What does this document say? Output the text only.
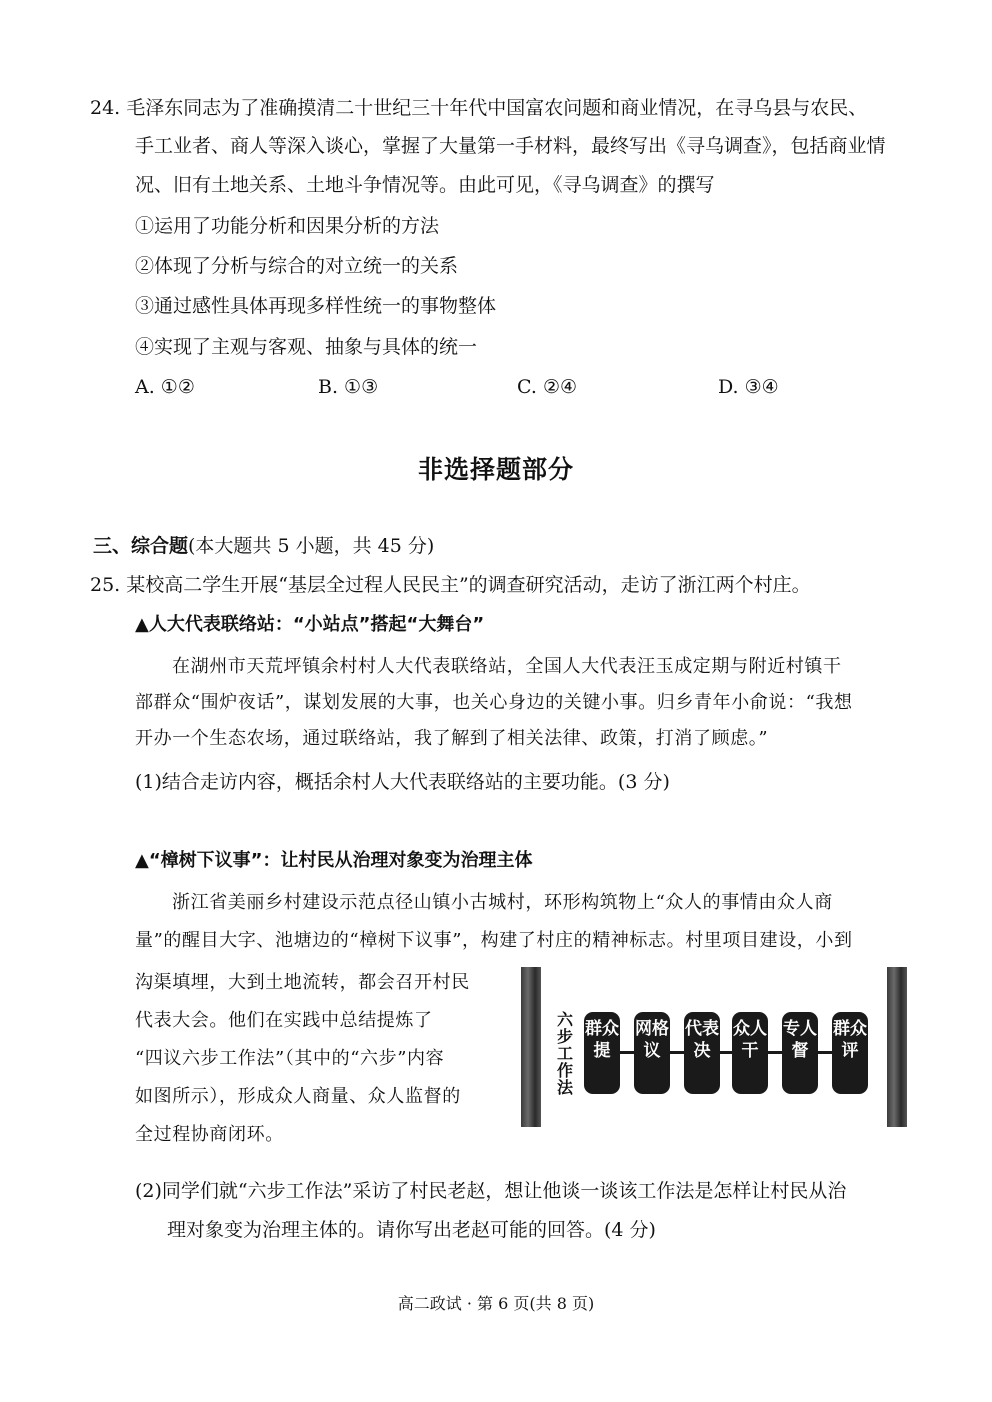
24. 毛泽东同志为了准确摸清二十世纪三十年代中国富农问题和商业情况，在寻乌县与农民、
手工业者、商人等深入谈心，掌握了大量第一手材料，最终写出《寻乌调查》，包括商业情
况、旧有土地关系、土地斗争情况等。由此可见，《寻乌调查》的撰写
①运用了功能分析和因果分析的方法
②体现了分析与综合的对立统一的关系
③通过感性具体再现多样性统一的事物整体
④实现了主观与客观、抽象与具体的统一
A. ①②	B. ①③	C. ②④	D. ③④
非选择题部分
三、综合题(本大题共 5 小题，共 45 分)
25. 某校高二学生开展“基层全过程人民民主”的调查研究活动，走访了浙江两个村庄。
▲人大代表联络站：“小站点”搭起“大舞台”
在湖州市天荒坪镇余村村人大代表联络站，全国人大代表汪玉成定期与附近村镇干
部群众“围炉夜话”，谋划发展的大事，也关心身边的关键小事。归乡青年小俞说：“我想
开办一个生态农场，通过联络站，我了解到了相关法律、政策，打消了顾虑。”
(1)结合走访内容，概括余村人大代表联络站的主要功能。(3 分)
▲“樟树下议事”：让村民从治理对象变为治理主体
浙江省美丽乡村建设示范点径山镇小古城村，环形构筑物上“众人的事情由众人商
量”的醒目大字、池塘边的“樟树下议事”，构建了村庄的精神标志。村里项目建设，小到
沟渠填埋，大到土地流转，都会召开村民
代表大会。他们在实践中总结提炼了
“四议六步工作法”（其中的“六步”内容
如图所示），形成众人商量、众人监督的
全过程协商闭环。
六步工作法
群众提
网格议
代表决
众人干
专人督
群众评
(2)同学们就“六步工作法”采访了村民老赵，想让他谈一谈该工作法是怎样让村民从治
理对象变为治理主体的。请你写出老赵可能的回答。(4 分)
高二政试 · 第 6 页(共 8 页)
